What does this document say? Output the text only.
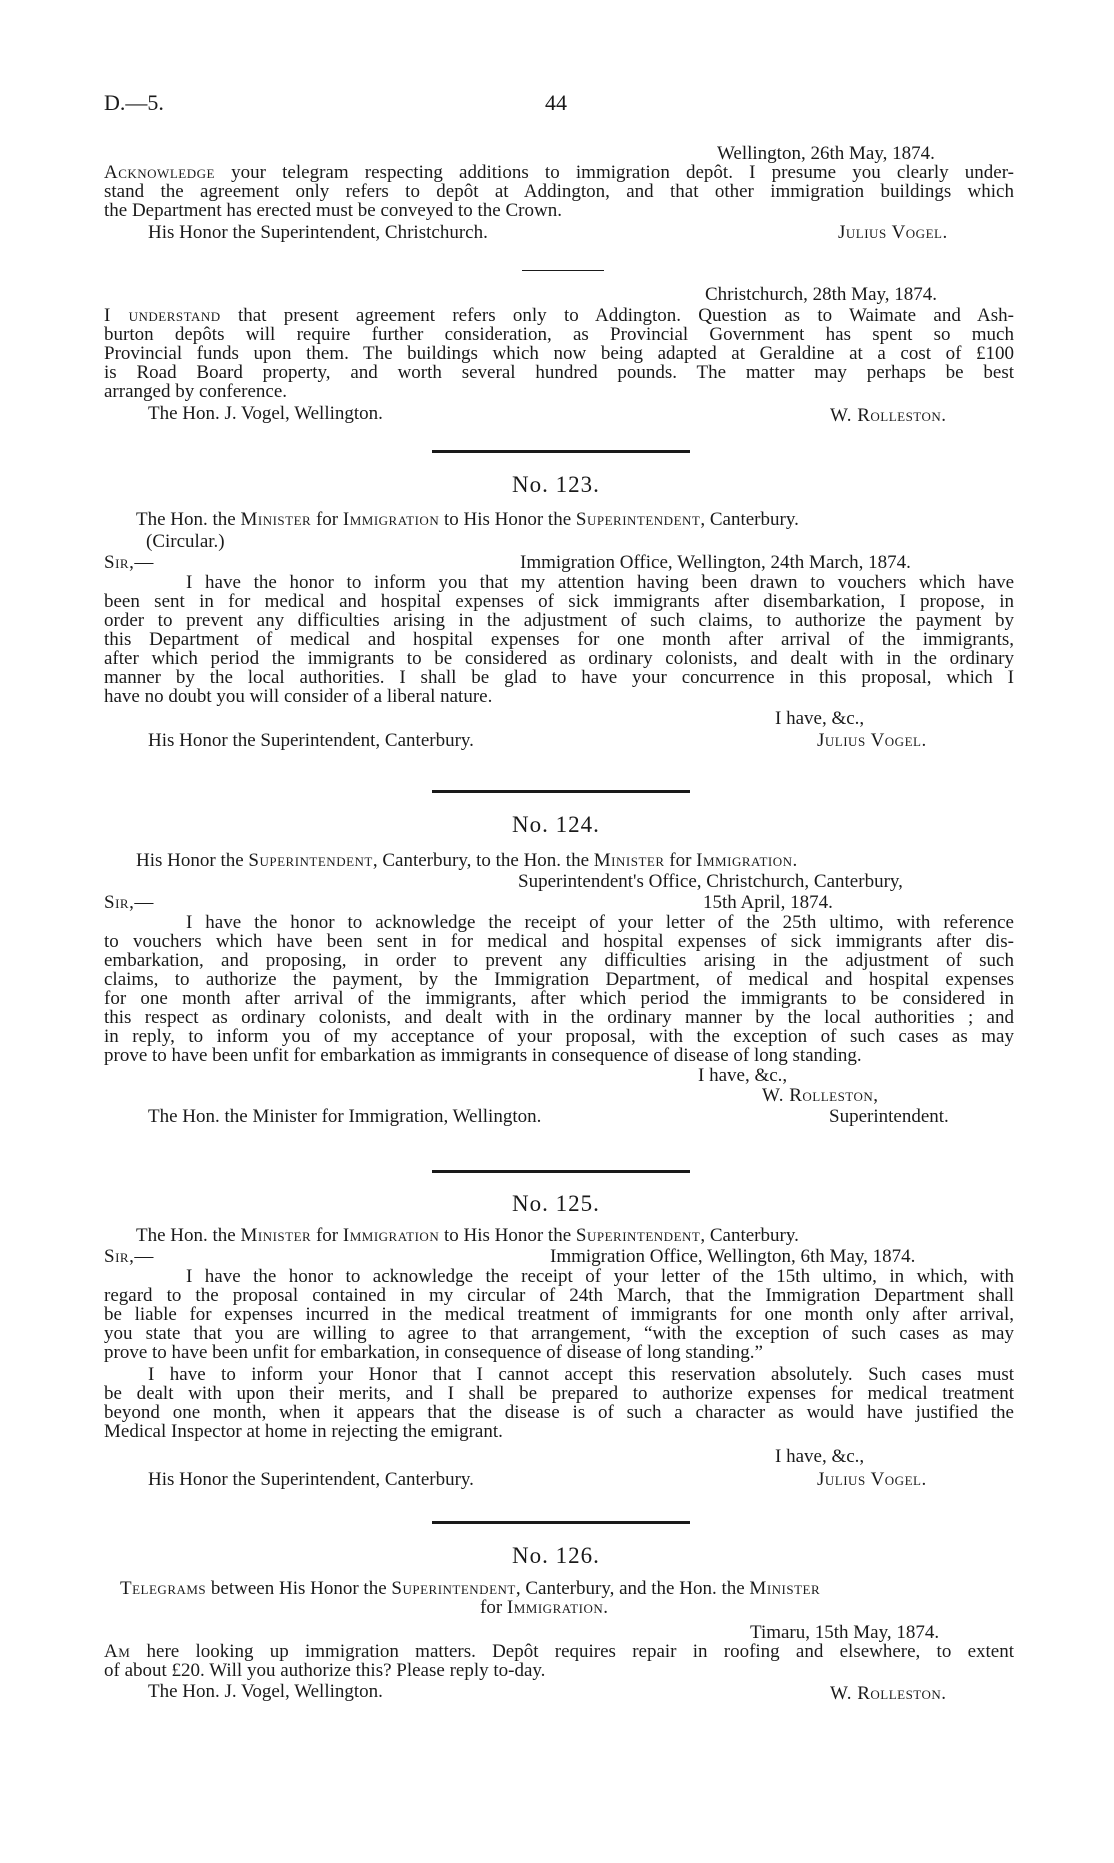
D.—5.	44
Wellington, 26th May, 1874.
Acknowledge your telegram respecting additions to immigration depôt. I presume you clearly under-
stand the agreement only refers to depôt at Addington, and that other immigration buildings which
the Department has erected must be conveyed to the Crown.
His Honor the Superintendent, Christchurch.	Julius Vogel.
Christchurch, 28th May, 1874.
I understand that present agreement refers only to Addington. Question as to Waimate and Ash-
burton depôts will require further consideration, as Provincial Government has spent so much
Provincial funds upon them. The buildings which now being adapted at Geraldine at a cost of £100
is Road Board property, and worth several hundred pounds. The matter may perhaps be best
arranged by conference.
The Hon. J. Vogel, Wellington.	W. Rolleston.
No. 123.
The Hon. the Minister for Immigration to His Honor the Superintendent, Canterbury.
(Circular.)
Sir,—	Immigration Office, Wellington, 24th March, 1874.
I have the honor to inform you that my attention having been drawn to vouchers which have
been sent in for medical and hospital expenses of sick immigrants after disembarkation, I propose, in
order to prevent any difficulties arising in the adjustment of such claims, to authorize the payment by
this Department of medical and hospital expenses for one month after arrival of the immigrants,
after which period the immigrants to be considered as ordinary colonists, and dealt with in the ordinary
manner by the local authorities. I shall be glad to have your concurrence in this proposal, which I
have no doubt you will consider of a liberal nature.
I have, &c.,
His Honor the Superintendent, Canterbury.	Julius Vogel.
No. 124.
His Honor the Superintendent, Canterbury, to the Hon. the Minister for Immigration.
Superintendent's Office, Christchurch, Canterbury,
Sir,—	15th April, 1874.
I have the honor to acknowledge the receipt of your letter of the 25th ultimo, with reference
to vouchers which have been sent in for medical and hospital expenses of sick immigrants after dis-
embarkation, and proposing, in order to prevent any difficulties arising in the adjustment of such
claims, to authorize the payment, by the Immigration Department, of medical and hospital expenses
for one month after arrival of the immigrants, after which period the immigrants to be considered in
this respect as ordinary colonists, and dealt with in the ordinary manner by the local authorities ; and
in reply, to inform you of my acceptance of your proposal, with the exception of such cases as may
prove to have been unfit for embarkation as immigrants in consequence of disease of long standing.
I have, &c.,
W. Rolleston,
The Hon. the Minister for Immigration, Wellington.	Superintendent.
No. 125.
The Hon. the Minister for Immigration to His Honor the Superintendent, Canterbury.
Sir,—	Immigration Office, Wellington, 6th May, 1874.
I have the honor to acknowledge the receipt of your letter of the 15th ultimo, in which, with
regard to the proposal contained in my circular of 24th March, that the Immigration Department shall
be liable for expenses incurred in the medical treatment of immigrants for one month only after arrival,
you state that you are willing to agree to that arrangement, “with the exception of such cases as may
prove to have been unfit for embarkation, in consequence of disease of long standing.”
I have to inform your Honor that I cannot accept this reservation absolutely. Such cases must
be dealt with upon their merits, and I shall be prepared to authorize expenses for medical treatment
beyond one month, when it appears that the disease is of such a character as would have justified the
Medical Inspector at home in rejecting the emigrant.
I have, &c.,
His Honor the Superintendent, Canterbury.	Julius Vogel.
No. 126.
Telegrams between His Honor the Superintendent, Canterbury, and the Hon. the Minister
for Immigration.
Timaru, 15th May, 1874.
Am here looking up immigration matters. Depôt requires repair in roofing and elsewhere, to extent
of about £20. Will you authorize this? Please reply to-day.
The Hon. J. Vogel, Wellington.	W. Rolleston.
